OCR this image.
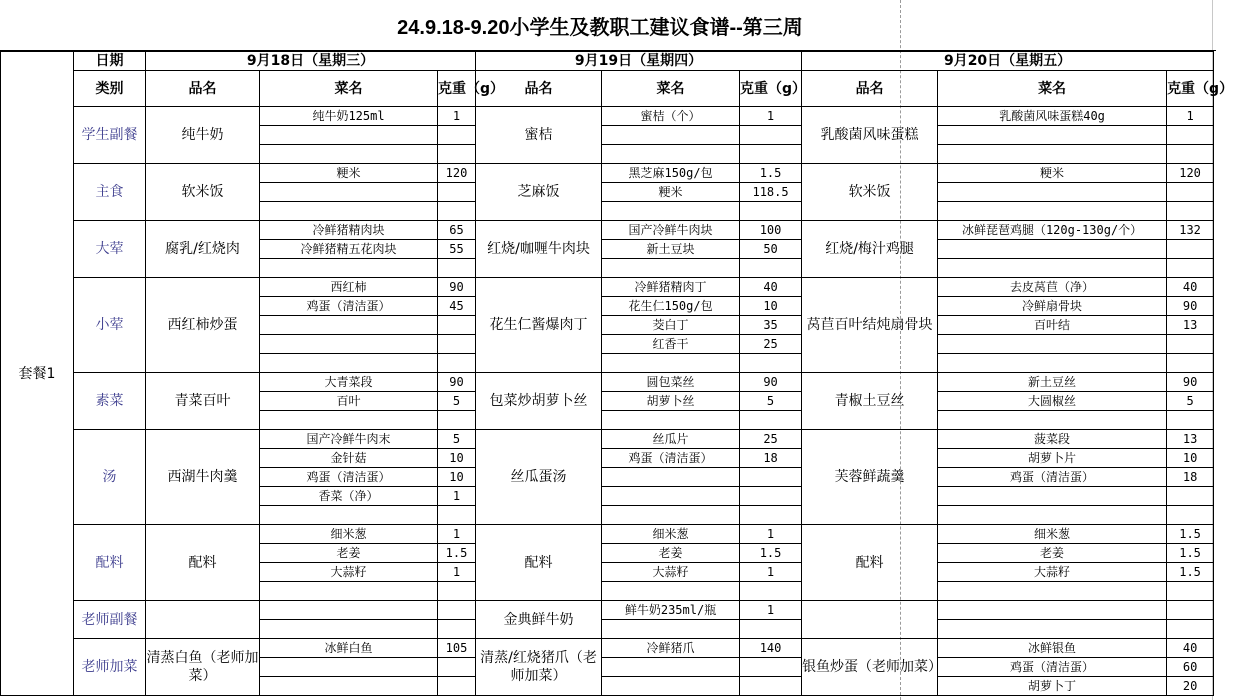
24.9.18-9.20小学生及教职工建议食谱--第三周
套餐1	日期	9月18日（星期三）			9月19日（星期四）			9月20日（星期五）		
	类别	品名	菜名	克重（g）	品名	菜名	克重（g）	品名	菜名	克重（g）
	学生副餐	纯牛奶	纯牛奶125ml	1	蜜桔	蜜桔（个）	1	乳酸菌风味蛋糕	乳酸菌风味蛋糕40g	1

	主食	软米饭	粳米	120	芝麻饭	黑芝麻150g/包	1.5	软米饭	粳米	120
						粳米	118.5			

	大荤	腐乳/红烧肉	冷鲜猪精肉块	65	红烧/咖喱牛肉块	国产冷鲜牛肉块	100	红烧/梅汁鸡腿	冰鲜琵琶鸡腿（120g-130g/个）	132
			冷鲜猪精五花肉块	55		新土豆块	50			

	小荤	西红柿炒蛋	西红柿	90	花生仁酱爆肉丁	冷鲜猪精肉丁	40	莴苣百叶结炖扇骨块	去皮莴苣（净）	40
			鸡蛋（清洁蛋）	45		花生仁150g/包	10		冷鲜扇骨块	90
						茭白丁	35		百叶结	13
						红香干	25			

	素菜	青菜百叶	大青菜段	90	包菜炒胡萝卜丝	圆包菜丝	90	青椒土豆丝	新土豆丝	90
			百叶	5		胡萝卜丝	5		大圆椒丝	5

	汤	西湖牛肉羹	国产冷鲜牛肉末	5	丝瓜蛋汤	丝瓜片	25	芙蓉鲜蔬羹	菠菜段	13
			金针菇	10		鸡蛋（清洁蛋）	18		胡萝卜片	10
			鸡蛋（清洁蛋）	10					鸡蛋（清洁蛋）	18
			香菜（净）	1						

	配料	配料	细米葱	1	配料	细米葱	1	配料	细米葱	1.5
			老姜	1.5		老姜	1.5		老姜	1.5
			大蒜籽	1		大蒜籽	1		大蒜籽	1.5

	老师副餐				金典鲜牛奶	鲜牛奶235ml/瓶	1			

	老师加菜	清蒸白鱼（老师加菜）	冰鲜白鱼	105	清蒸/红烧猪爪（老师加菜）	冷鲜猪爪	140	银鱼炒蛋（老师加菜）	冰鲜银鱼	40
									鸡蛋（清洁蛋）	60
									胡萝卜丁	20
